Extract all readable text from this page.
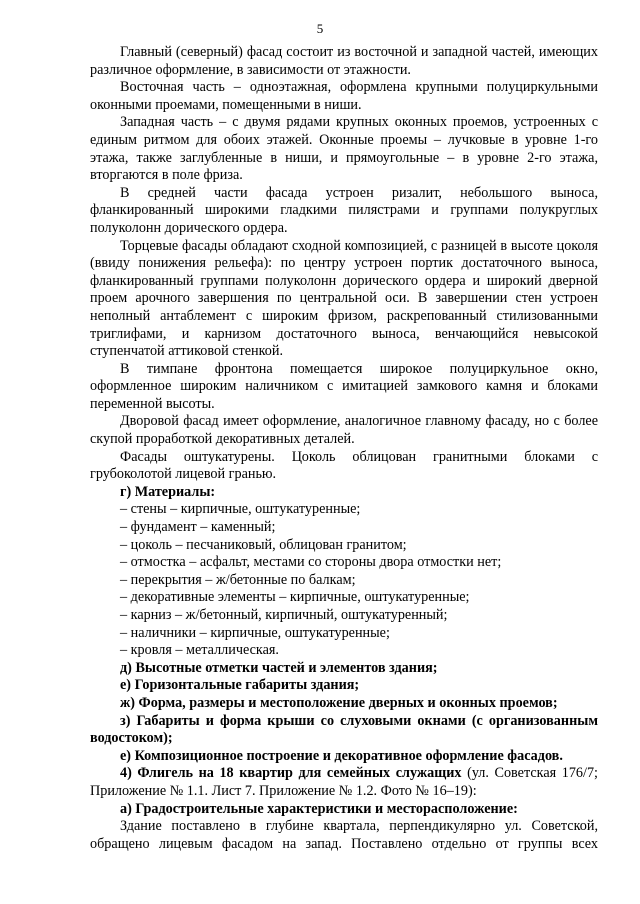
5

Главный (северный) фасад состоит из восточной и западной частей, имеющих различное оформление, в зависимости от этажности.

Восточная часть – одноэтажная, оформлена крупными полуциркульными оконными проемами, помещенными в ниши.

Западная часть – с двумя рядами крупных оконных проемов, устроенных с единым ритмом для обоих этажей. Оконные проемы – лучковые в уровне 1-го этажа, также заглубленные в ниши, и прямоугольные – в уровне 2-го этажа, вторгаются в поле фриза.

В средней части фасада устроен ризалит, небольшого выноса, фланкированный широкими гладкими пилястрами и группами полукруглых полуколонн дорического ордера.

Торцевые фасады обладают сходной композицией, с разницей в высоте цоколя (ввиду понижения рельефа): по центру устроен портик достаточного выноса, фланкированный группами полуколонн дорического ордера и широкий дверной проем арочного завершения по центральной оси. В завершении стен устроен неполный антаблемент с широким фризом, раскрепованный стилизованными триглифами, и карнизом достаточного выноса, венчающийся невысокой ступенчатой аттиковой стенкой.

В тимпане фронтона помещается широкое полуциркульное окно, оформленное широким наличником с имитацией замкового камня и блоками переменной высоты.

Дворовой фасад имеет оформление, аналогичное главному фасаду, но с более скупой проработкой декоративных деталей.

Фасады оштукатурены. Цоколь облицован гранитными блоками с грубоколотой лицевой гранью.

г) Материалы:

– стены – кирпичные, оштукатуренные;

– фундамент – каменный;

– цоколь – песчаниковый, облицован гранитом;

– отмостка – асфальт, местами со стороны двора отмостки нет;

– перекрытия – ж/бетонные по балкам;

– декоративные элементы – кирпичные, оштукатуренные;

– карниз – ж/бетонный, кирпичный, оштукатуренный;

– наличники – кирпичные, оштукатуренные;

– кровля – металлическая.

д) Высотные отметки частей и элементов здания;

е) Горизонтальные габариты здания;

ж) Форма, размеры и местоположение дверных и оконных проемов;

з) Габариты и форма крыши со слуховыми окнами (с организованным водостоком);

е) Композиционное построение и декоративное оформление фасадов.

4) Флигель на 18 квартир для семейных служащих (ул. Советская 176/7; Приложение № 1.1. Лист 7. Приложение № 1.2. Фото № 16–19):

а) Градостроительные характеристики и месторасположение:

Здание поставлено в глубине квартала, перпендикулярно ул. Советской, обращено лицевым фасадом на запад. Поставлено отдельно от группы всех
